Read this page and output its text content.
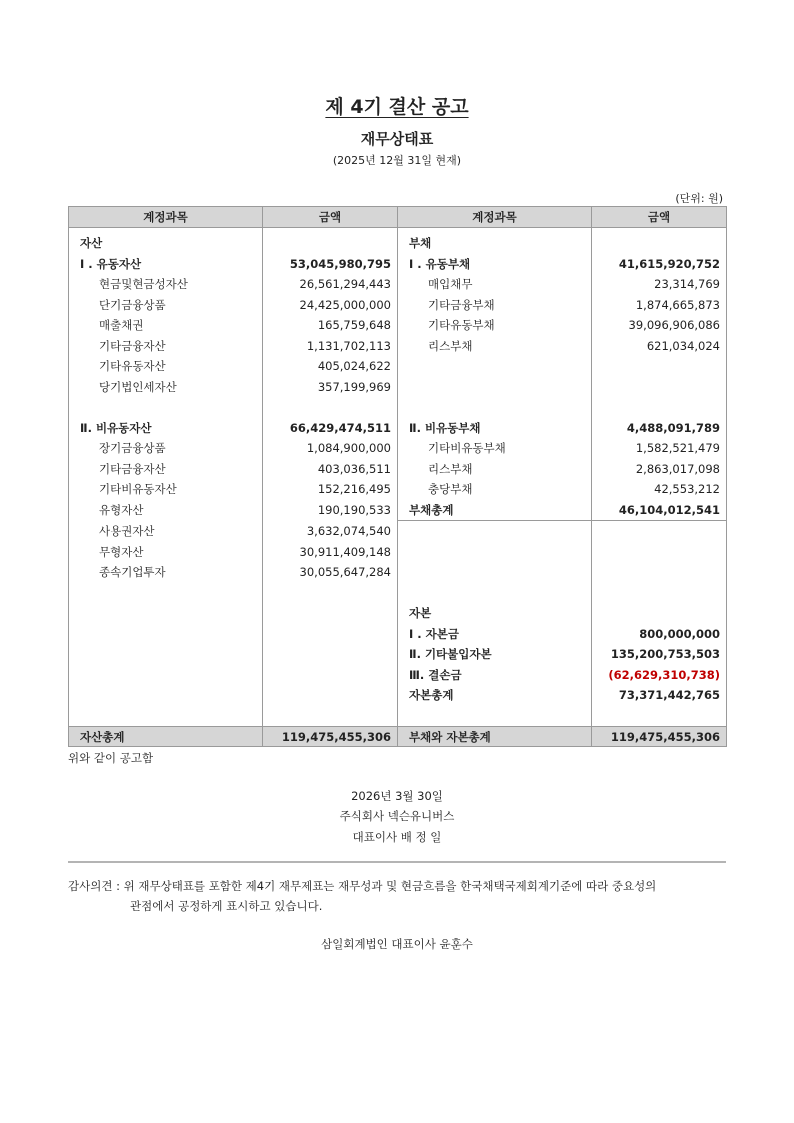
제 4기 결산 공고
재무상태표
(2025년 12월 31일 현재)
(단위: 원)
계정과목	금액	계정과목	금액
자산		부채	
I . 유동자산	53,045,980,795	I . 유동부채	41,615,920,752
현금및현금성자산	26,561,294,443	매입채무	23,314,769
단기금융상품	24,425,000,000	기타금융부채	1,874,665,873
매출채권	165,759,648	기타유동부채	39,096,906,086
기타금융자산	1,131,702,113	리스부채	621,034,024
기타유동자산	405,024,622		
당기법인세자산	357,199,969		

Ⅱ. 비유동자산	66,429,474,511	Ⅱ. 비유동부채	4,488,091,789
장기금융상품	1,084,900,000	기타비유동부채	1,582,521,479
기타금융자산	403,036,511	리스부채	2,863,017,098
기타비유동자산	152,216,495	충당부채	42,553,212
유형자산	190,190,533	부채총계	46,104,012,541
사용권자산	3,632,074,540		
무형자산	30,911,409,148		
종속기업투자	30,055,647,284		

		자본	
		I . 자본금	800,000,000
		Ⅱ. 기타불입자본	135,200,753,503
		Ⅲ. 결손금	(62,629,310,738)
		자본총계	73,371,442,765

자산총계	119,475,455,306	부채와 자본총계	119,475,455,306
위와 같이 공고함
2026년 3월 30일
주식회사 넥슨유니버스
대표이사 배 정 일
감사의견 : 위 재무상태표를 포함한 제4기 재무제표는 재무성과 및 현금흐름을 한국채택국제회계기준에 따라 중요성의
관점에서 공정하게 표시하고 있습니다.
삼일회계법인 대표이사 윤훈수
